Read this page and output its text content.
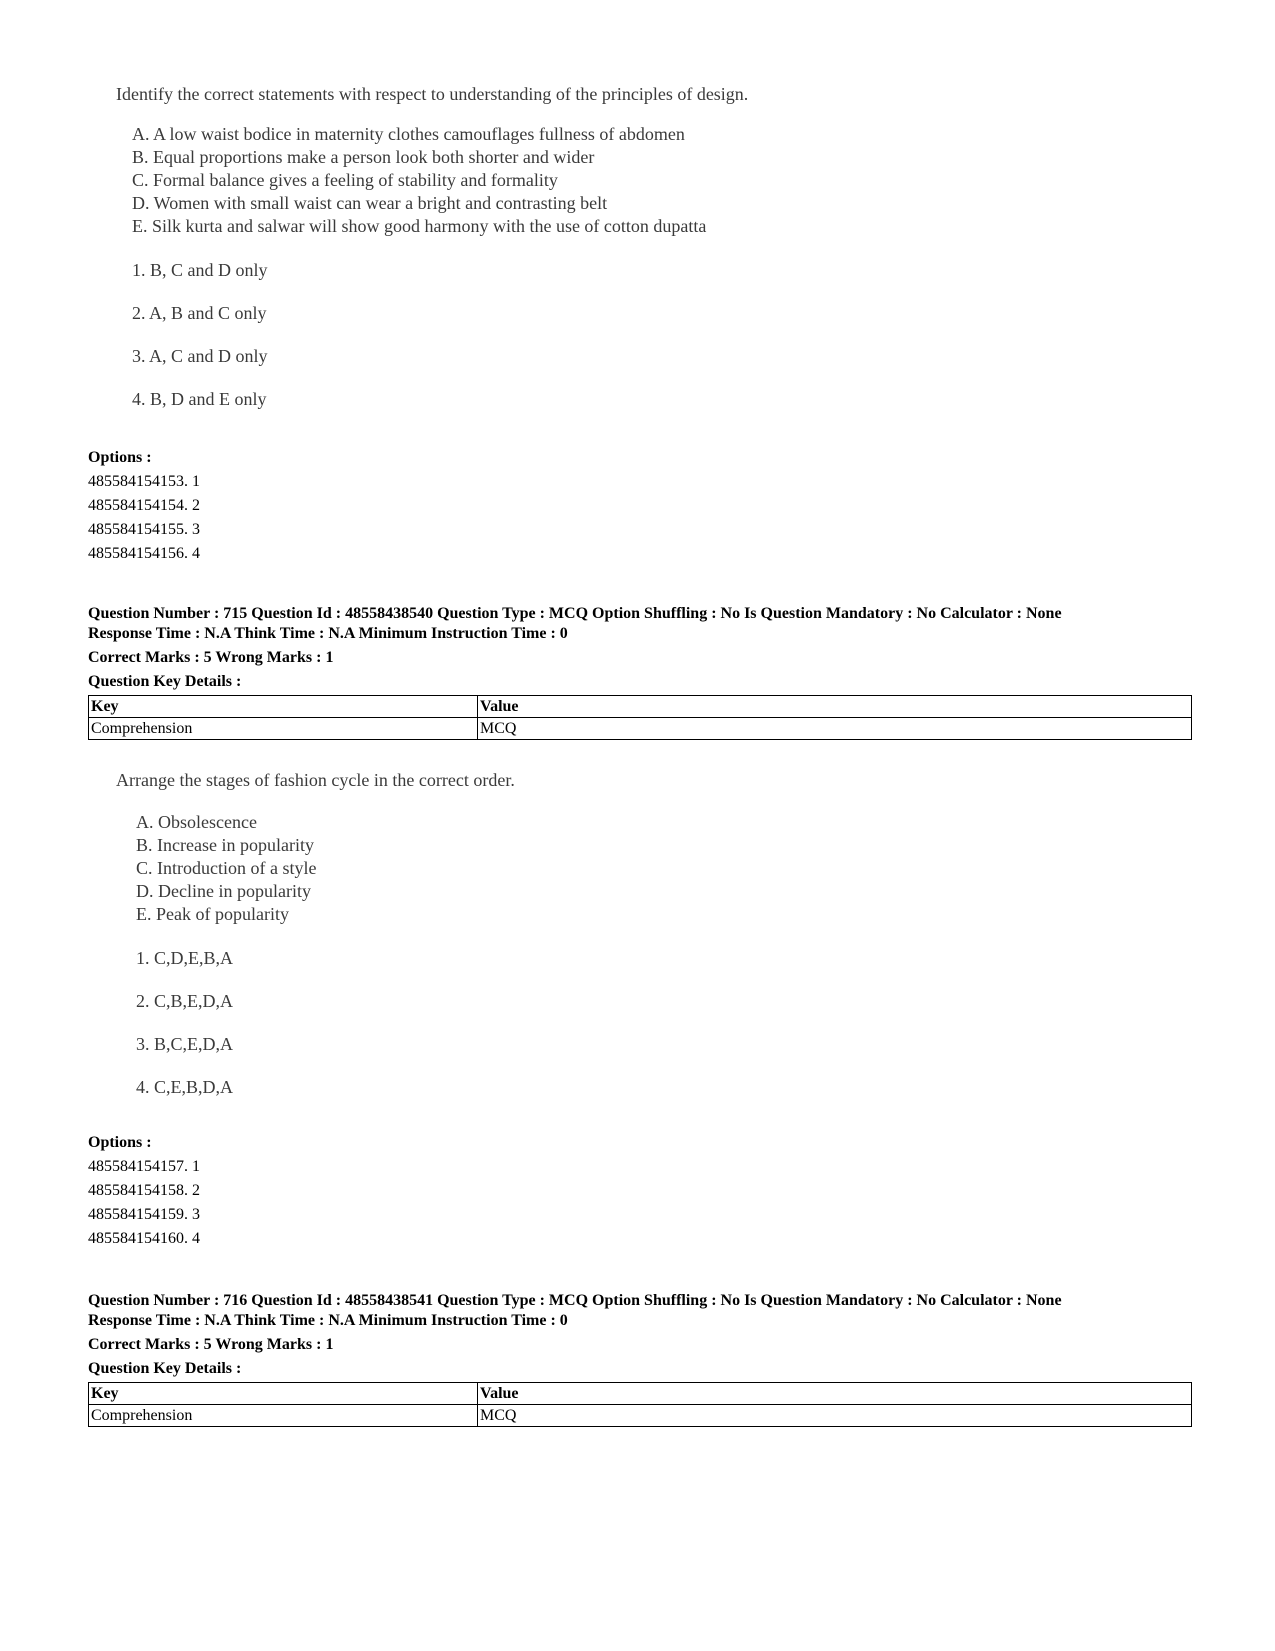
Identify the correct statements with respect to understanding of the principles of design.

A. A low waist bodice in maternity clothes camouflages fullness of abdomen

B. Equal proportions make a person look both shorter and wider

C. Formal balance gives a feeling of stability and formality

D. Women with small waist can wear a bright and contrasting belt

E. Silk kurta and salwar will show good harmony with the use of cotton dupatta

1. B, C and D only

2. A, B and C only

3. A, C and D only

4. B, D and E only

Options :
485584154153. 1
485584154154. 2
485584154155. 3
485584154156. 4
Question Number : 715 Question Id : 48558438540 Question Type : MCQ Option Shuffling : No Is Question Mandatory : No Calculator : None
Response Time : N.A Think Time : N.A Minimum Instruction Time : 0
Correct Marks : 5 Wrong Marks : 1
Question Key Details :
Key	Value
Comprehension	MCQ

Arrange the stages of fashion cycle in the correct order.

A. Obsolescence

B. Increase in popularity

C. Introduction of a style

D. Decline in popularity

E. Peak of popularity

1. C,D,E,B,A

2. C,B,E,D,A

3. B,C,E,D,A

4. C,E,B,D,A

Options :
485584154157. 1
485584154158. 2
485584154159. 3
485584154160. 4
Question Number : 716 Question Id : 48558438541 Question Type : MCQ Option Shuffling : No Is Question Mandatory : No Calculator : None
Response Time : N.A Think Time : N.A Minimum Instruction Time : 0
Correct Marks : 5 Wrong Marks : 1
Question Key Details :
Key	Value
Comprehension	MCQ
